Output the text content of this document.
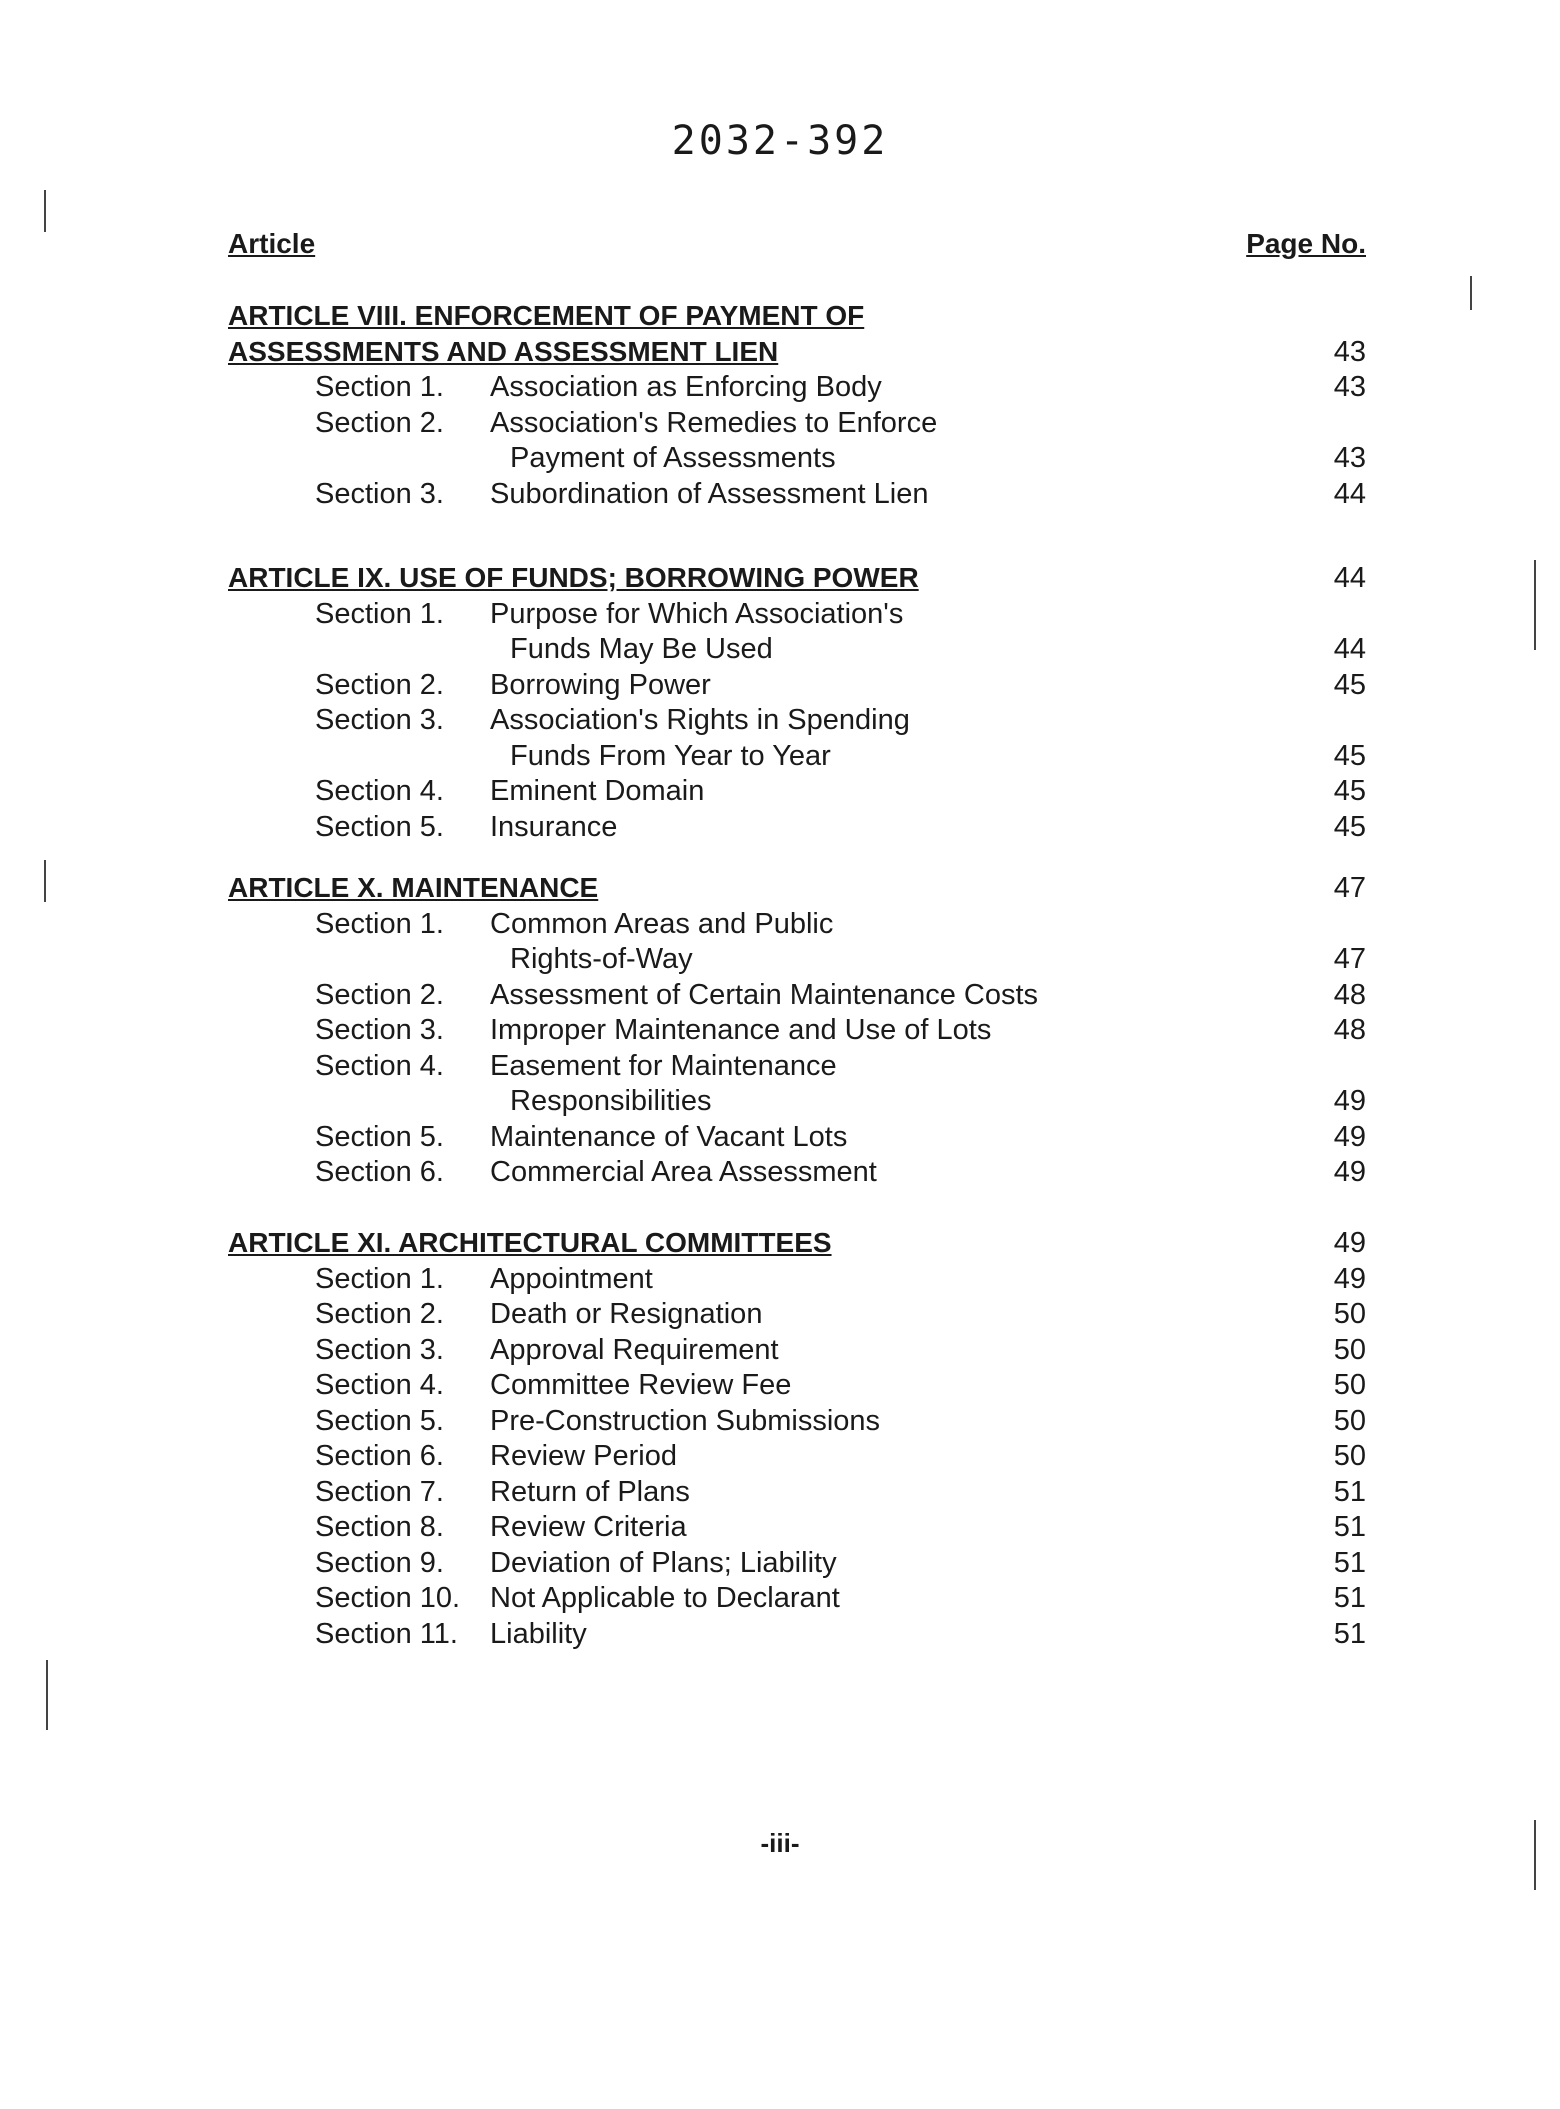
2032-392
Article	Page No.
ARTICLE VIII. ENFORCEMENT OF PAYMENT OF
ASSESSMENTS AND ASSESSMENT LIEN	43
Section 1. Association as Enforcing Body	43
Section 2. Association's Remedies to Enforce
Payment of Assessments	43
Section 3. Subordination of Assessment Lien	44
ARTICLE IX. USE OF FUNDS; BORROWING POWER	44
Section 1. Purpose for Which Association's
Funds May Be Used	44
Section 2. Borrowing Power	45
Section 3. Association's Rights in Spending
Funds From Year to Year	45
Section 4. Eminent Domain	45
Section 5. Insurance	45
ARTICLE X. MAINTENANCE	47
Section 1. Common Areas and Public
Rights-of-Way	47
Section 2. Assessment of Certain Maintenance Costs	48
Section 3. Improper Maintenance and Use of Lots	48
Section 4. Easement for Maintenance
Responsibilities	49
Section 5. Maintenance of Vacant Lots	49
Section 6. Commercial Area Assessment	49
ARTICLE XI. ARCHITECTURAL COMMITTEES	49
Section 1. Appointment	49
Section 2. Death or Resignation	50
Section 3. Approval Requirement	50
Section 4. Committee Review Fee	50
Section 5. Pre-Construction Submissions	50
Section 6. Review Period	50
Section 7. Return of Plans	51
Section 8. Review Criteria	51
Section 9. Deviation of Plans; Liability	51
Section 10. Not Applicable to Declarant	51
Section 11. Liability	51
-iii-
